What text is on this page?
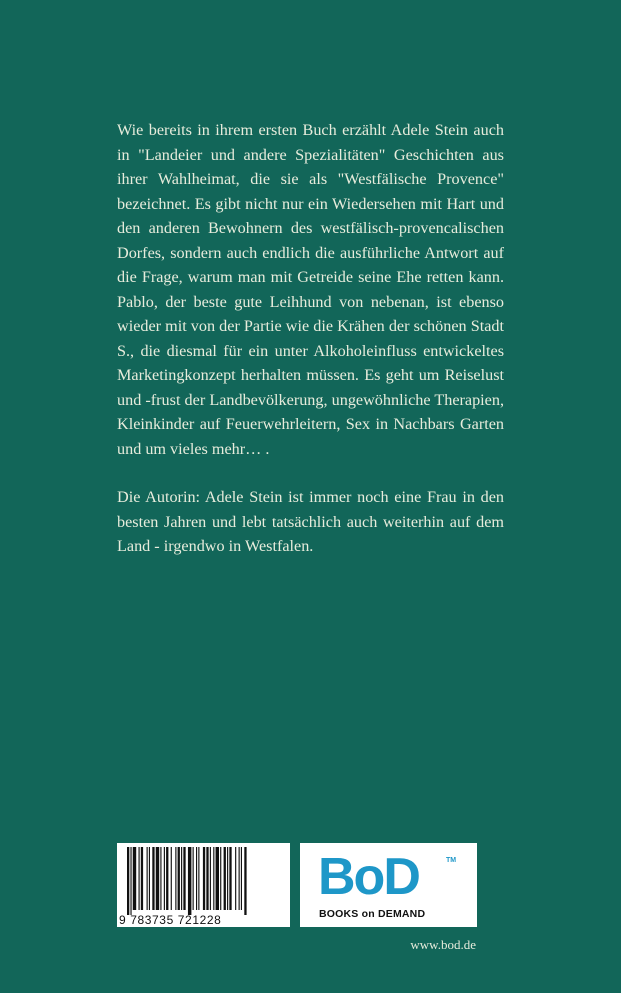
Wie bereits in ihrem ersten Buch erzählt Adele Stein auch in "Landeier und andere Spezialitäten" Geschichten aus ihrer Wahlheimat, die sie als "Westfälische Provence" bezeichnet. Es gibt nicht nur ein Wiedersehen mit Hart und den anderen Bewohnern des westfälisch-provencalischen Dorfes, sondern auch endlich die ausführliche Antwort auf die Frage, warum man mit Getreide seine Ehe retten kann. Pablo, der beste gute Leihhund von nebenan, ist ebenso wieder mit von der Partie wie die Krähen der schönen Stadt S., die diesmal für ein unter Alkoholeinfluss entwickeltes Marketingkonzept herhalten müssen. Es geht um Reiselust und -frust der Landbevölkerung, ungewöhnliche Therapien, Kleinkinder auf Feuerwehrleitern, Sex in Nachbars Garten und um vieles mehr… .

Die Autorin: Adele Stein ist immer noch eine Frau in den besten Jahren und lebt tatsächlich auch weiterhin auf dem Land - irgendwo in Westfalen.

9 783735 721228
BoD	TM
BOOKS on DEMAND
www.bod.de
